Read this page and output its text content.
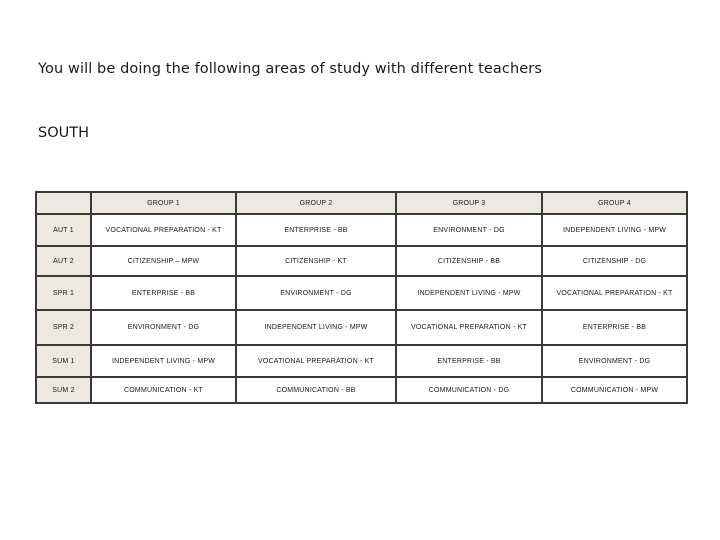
You will be doing the following areas of study with different teachers
SOUTH
	GROUP 1	GROUP 2	GROUP 3	GROUP 4
AUT 1	VOCATIONAL PREPARATION - KT	ENTERPRISE - BB	ENVIRONMENT - DG	INDEPENDENT LIVING - MPW
AUT 2	CITIZENSHIP – MPW	CITIZENSHIP - KT	CITIZENSHIP - BB	CITIZENSHIP - DG
SPR 1	ENTERPRISE - BB	ENVIRONMENT - DG	INDEPENDENT LIVING - MPW	VOCATIONAL PREPARATION - KT
SPR 2	ENVIRONMENT - DG	INDEPENDENT LIVING - MPW	VOCATIONAL PREPARATION - KT	ENTERPRISE - BB
SUM 1	INDEPENDENT LIVING - MPW	VOCATIONAL PREPARATION - KT	ENTERPRISE - BB	ENVIRONMENT - DG
SUM 2	COMMUNICATION - KT	COMMUNICATION - BB	COMMUNICATION - DG	COMMUNICATION - MPW
